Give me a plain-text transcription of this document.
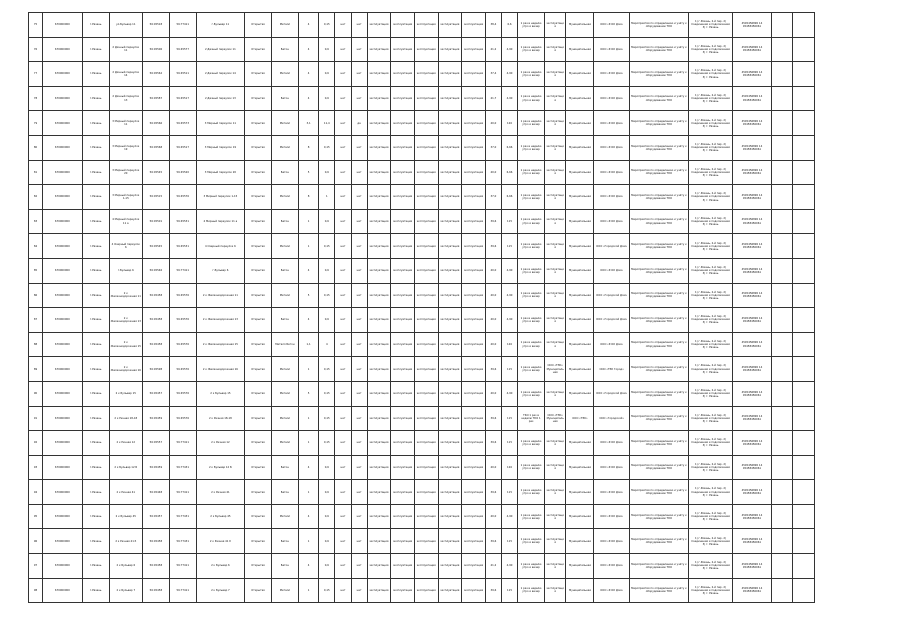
75	670000000	г.Рязань	ул.Бульвар 11	56:45518	56:77411	г.Бульвар 11	Открытая	Металл	4	0,15	нет	нет	эксплуатация	эксплуатация	эксплуатация	эксплуатация	эксплуатация	38,4	6,6	1 раз в неделю утро и вечер	эксплуатация	Муниципальная	ООО «Р.ОК Дом»	Мероприятия по определению и учёту к оборудованию ТКО	1) г.Рязань, 2-й пер. 2) Соединения и подключения 3) г. Рязань	4545456890 14 45458456061		
76	670000000	г.Рязань	2 Дачный переулок 11	56:45506	56:45577	2 Дачный переулок 11	Открытая	Бетон	4	0,6	нет	нет	эксплуатация	эксплуатация	эксплуатация	эксплуатация	эксплуатация	41,2	4,90	1 раз в неделю утро и вечер	эксплуатация	Муниципальная	ООО «Р.ОК Дом»	Мероприятия по определению и учёту к оборудованию ТКО	1) г.Рязань, 2-й пер. 2) Соединения и подключения 3) г. Рязань	4545456890 14 45458456061		
77	670000000	г.Рязань	2 Дачный переулок 14	56:45562	56:45511	2 Дачный переулок 14	Открытая	Металл	4	0,6	нет	нет	эксплуатация	эксплуатация	эксплуатация	эксплуатация	эксплуатация	37,4	4,90	1 раз в неделю утро и вечер	эксплуатация	Муниципальная	ООО «Р.ОК Дом»	Мероприятия по определению и учёту к оборудованию ТКО	1) г.Рязань, 2-й пер. 2) Соединения и подключения 3) г. Рязань	4545456890 14 45458456061		
78	670000000	г.Рязань	2 Дачный переулок 13	56:45587	56:45517	2 Дачный переулок 13	Открытая	Бетон	4	0,6	нет	нет	эксплуатация	эксплуатация	эксплуатация	эксплуатация	эксплуатация	41,7	4,90	1 раз в неделю утро и вечер	эксплуатация	Муниципальная	ООО «Р.ОК Дом»	Мероприятия по определению и учёту к оборудованию ТКО	1) г.Рязань, 2-й пер. 2) Соединения и подключения 3) г. Рязань	4545456890 14 45458456061		
79	670000000	г.Рязань	3 Мирный переулок 11	56:45566	56:45573	3 Мирный переулок 11	Открытая	Металл	3,1	11,4	нет	да	эксплуатация	эксплуатация	эксплуатация	эксплуатация	эксплуатация	40,0	126	1 раз в неделю утро и вечер	эксплуатация	Муниципальная	ООО «Р.ОК Дом»	Мероприятия по определению и учёту к оборудованию ТКО	1) г.Рязань, 2-й пер. 2) Соединения и подключения 3) г. Рязань	4545456890 14 45458456061		
80	670000000	г.Рязань	3 Мирный переулок 19	56:45568	56:45517	3 Мирный переулок 19	Открытая	Металл	8	0,15	нет	нет	эксплуатация	эксплуатация	эксплуатация	эксплуатация	эксплуатация	37,0	6,66	1 раз в неделю утро и вечер	эксплуатация	Муниципальная	ООО «Р.ОК Дом»	Мероприятия по определению и учёту к оборудованию ТКО	1) г.Рязань, 2-й пер. 2) Соединения и подключения 3) г. Рязань	4545456890 14 45458456061		
81	670000000	г.Рязань	3 Мирный переулок 20	56:45545	56:45520	3 Мирный переулок 20	Открытая	Бетон	5	0,6	нет	нет	эксплуатация	эксплуатация	эксплуатация	эксплуатация	эксплуатация	40,0	6,66	1 раз в неделю утро и вечер	эксплуатация	Муниципальная	ООО «Р.ОК Дом»	Мероприятия по определению и учёту к оборудованию ТКО	1) г.Рязань, 2-й пер. 2) Соединения и подключения 3) г. Рязань	4545456890 14 45458456061		
82	670000000	г.Рязань	3 Мирный переулок 1-15	56:45515	56:45576	3 Мирный переулок 1-15	Открытая	Металл	8	1	нет	нет	эксплуатация	эксплуатация	эксплуатация	эксплуатация	эксплуатация	37,0	6,66	1 раз в неделю утро и вечер	эксплуатация	Муниципальная	ООО «Р.ОК Дом»	Мероприятия по определению и учёту к оборудованию ТКО	1) г.Рязань, 2-й пер. 2) Соединения и подключения 3) г. Рязань	4545456890 14 45458456061		
83	670000000	г.Рязань	4 Мирный переулок 11 а	56:45501	56:45531	4 Мирный переулок 11 а	Открытая	Бетон	1	0,6	нет	нет	эксплуатация	эксплуатация	эксплуатация	эксплуатация	эксплуатация	39,6	115	1 раз в неделю утро и вечер	эксплуатация	Муниципальная	ООО «Р.ОК Дом»	Мероприятия по определению и учёту к оборудованию ТКО	1) г.Рязань, 2-й пер. 2) Соединения и подключения 3) г. Рязань	4545456890 14 45458456061		
84	670000000	г.Рязань	4 Озерный переулок 6	56:45545	56:45531	4 Озерный переулок 6	Открытая	Металл	1	0,15	нет	нет	эксплуатация	эксплуатация	эксплуатация	эксплуатация	эксплуатация	39,6	115	1 раз в неделю утро и вечер	эксплуатация	Муниципальная	ООО «Городской Дом»	Мероприятия по определению и учёту к оборудованию ТКО	1) г.Рязань, 2-й пер. 2) Соединения и подключения 3) г. Рязань	4545456890 14 45458456061		
85	670000000	г.Рязань	г.Бульвар 6	56:45546	56:77411	г.Бульвар 6	Открытая	Бетон	4	0,6	нет	нет	эксплуатация	эксплуатация	эксплуатация	эксплуатация	эксплуатация	40,0	4,90	1 раз в неделю утро и вечер	эксплуатация	Муниципальная	ООО «Р.ОК Дом»	Мероприятия по определению и учёту к оборудованию ТКО	1) г.Рязань, 2-й пер. 2) Соединения и подключения 3) г. Рязань	4545456890 14 45458456061		
86	670000000	г.Рязань	2 к Железнодорожная 11	56:45458	56:45576	2 к Железнодорожная 11	Открытая	Металл	5	0,15	нет	нет	эксплуатация	эксплуатация	эксплуатация	эксплуатация	эксплуатация	40,0	4,90	1 раз в неделю утро и вечер	эксплуатация	Муниципальная	ООО «Городской Дом»	Мероприятия по определению и учёту к оборудованию ТКО	1) г.Рязань, 2-й пер. 2) Соединения и подключения 3) г. Рязань	4545456890 14 45458456061		
87	670000000	г.Рязань	2 к Железнодорожная 13	56:45458	56:45576	2 к Железнодорожная 13	Открытая	Бетон	4	0,6	нет	нет	эксплуатация	эксплуатация	эксплуатация	эксплуатация	эксплуатация	40,0	4,90	1 раз в неделю утро и вечер	эксплуатация	Муниципальная	ООО «Городской Дом»	Мероприятия по определению и учёту к оборудованию ТКО	1) г.Рязань, 2-й пер. 2) Соединения и подключения 3) г. Рязань	4545456890 14 45458456061		
88	670000000	г.Рязань	2 к Железнодорожная 15	56:45458	56:45576	2 к Железнодорожная 15	Открытая	Металл Бетон	1,1	4	нет	нет	эксплуатация	эксплуатация	эксплуатация	эксплуатация	эксплуатация	40,0	126	1 раз в неделю утро и вечер	эксплуатация	Муниципальная	ООО «Р.ОК Дом»	Мероприятия по определению и учёту к оборудованию ТКО	1) г.Рязань, 2-й пер. 2) Соединения и подключения 3) г. Рязань	4545456890 14 45458456061		
89	670000000	г.Рязань	2 к Железнодорожная 16	56:45598	56:45576	2 к Железнодорожная 16	Открытая	Металл	1	0,15	нет	нет	эксплуатация	эксплуатация	эксплуатация	эксплуатация	эксплуатация	39,6	115	1 раз в неделю утро и вечер	ООО «ТЭК» Муниципальная	Муниципальная	ООО «ТЭК Город»	Мероприятия по определению и учёту к оборудованию ТКО	1) г.Рязань, 2-й пер. 2) Соединения и подключения 3) г. Рязань	4545456890 14 45458456061		
90	670000000	г.Рязань	2 к Бульвар 15	56:45457	56:45576	2 к Бульвар 15	Открытая	Металл	5	0,15	нет	нет	эксплуатация	эксплуатация	эксплуатация	эксплуатация	эксплуатация	40,0	4,90	1 раз в неделю утро и вечер	эксплуатация	Муниципальная	ООО «Городской Дом»	Мероприятия по определению и учёту к оборудованию ТКО	1) г.Рязань, 2-й пер. 2) Соединения и подключения 3) г. Рязань	4545456890 14 45458456061		
91	670000000	г.Рязань	2 к Речная 18-18	56:45459	56:45576	2 к Речная 18-18	Открытая	Металл	1	0,15	нет	нет	эксплуатация	эксплуатация	эксплуатация	эксплуатация	эксплуатация	39,6	115	ТКО 1 раз в неделю ТКО 1 раз	ООО «ТЭК» Муниципальная	ООО «ТЭК»	ООО «Городской»	Мероприятия по определению и учёту к оборудованию ТКО	1) г.Рязань, 2-й пер. 2) Соединения и подключения 3) г. Рязань	4545456890 14 45458456061		
92	670000000	г.Рязань	2 к Речная 12	56:45557	56:77411	2 к Речная 12	Открытая	Металл	1	0,15	нет	нет	эксплуатация	эксплуатация	эксплуатация	эксплуатация	эксплуатация	39,6	115	1 раз в неделю утро и вечер	эксплуатация	Муниципальная	ООО «Р.ОК Дом»	Мероприятия по определению и учёту к оборудованию ТКО	1) г.Рязань, 2-й пер. 2) Соединения и подключения 3) г. Рязань	4545456890 14 45458456061		
93	670000000	г.Рязань	2 к Бульвар 12 Б	56:45459	56:77431	2 к Бульвар 12 Б	Открытая	Бетон	4	0,6	нет	нет	эксплуатация	эксплуатация	эксплуатация	эксплуатация	эксплуатация	40,0	126	1 раз в неделю утро и вечер	эксплуатация	Муниципальная	ООО «Р.ОК Дом»	Мероприятия по определению и учёту к оборудованию ТКО	1) г.Рязань, 2-й пер. 2) Соединения и подключения 3) г. Рязань	4545456890 14 45458456061		
94	670000000	г.Рязань	2 к Речная 41	56:45448	56:77411	2 к Речная 41	Открытая	Бетон	1	0,6	нет	нет	эксплуатация	эксплуатация	эксплуатация	эксплуатация	эксплуатация	39,6	115	1 раз в неделю утро и вечер	эксплуатация	Муниципальная	ООО «Р.ОК Дом»	Мероприятия по определению и учёту к оборудованию ТКО	1) г.Рязань, 2-й пер. 2) Соединения и подключения 3) г. Рязань	4545456890 14 45458456061		
95	670000000	г.Рязань	2 к Бульвар 45	56:45457	56:77431	2 к Бульвар 45	Открытая	Металл	4	0,6	нет	нет	эксплуатация	эксплуатация	эксплуатация	эксплуатация	эксплуатация	40,0	4,90	1 раз в неделю утро и вечер	эксплуатация	Муниципальная	ООО «Р.ОК Дом»	Мероприятия по определению и учёту к оборудованию ТКО	1) г.Рязань, 2-й пер. 2) Соединения и подключения 3) г. Рязань	4545456890 14 45458456061		
96	670000000	г.Рязань	2 к Речная 41 б	56:45458	56:77431	2 к Речная 41 б	Открытая	Бетон	1	0,6	нет	нет	эксплуатация	эксплуатация	эксплуатация	эксплуатация	эксплуатация	39,6	115	1 раз в неделю утро и вечер	эксплуатация	Муниципальная	ООО «Р.ОК Дом»	Мероприятия по определению и учёту к оборудованию ТКО	1) г.Рязань, 2-й пер. 2) Соединения и подключения 3) г. Рязань	4545456890 14 45458456061		
97	670000000	г.Рязань	2 к Бульвар 6	56:45458	56:77411	2 к Бульвар 6	Открытая	Бетон	4	0,6	нет	нет	эксплуатация	эксплуатация	эксплуатация	эксплуатация	эксплуатация	41,2	4,90	1 раз в неделю утро и вечер	эксплуатация	Муниципальная	ООО «Р.ОК Дом»	Мероприятия по определению и учёту к оборудованию ТКО	1) г.Рязань, 2-й пер. 2) Соединения и подключения 3) г. Рязань	4545456890 14 45458456061		
98	670000000	г.Рязань	2 к Бульвар 7	56:45458	56:77411	2 к Бульвар 7	Открытая	Металл	1	0,15	нет	нет	эксплуатация	эксплуатация	эксплуатация	эксплуатация	эксплуатация	39,6	115	1 раз в неделю утро и вечер	эксплуатация	Муниципальная	ООО «Р.ОК Дом»	Мероприятия по определению и учёту к оборудованию ТКО	1) г.Рязань, 2-й пер. 2) Соединения и подключения 3) г. Рязань	4545456890 14 45458456061		
